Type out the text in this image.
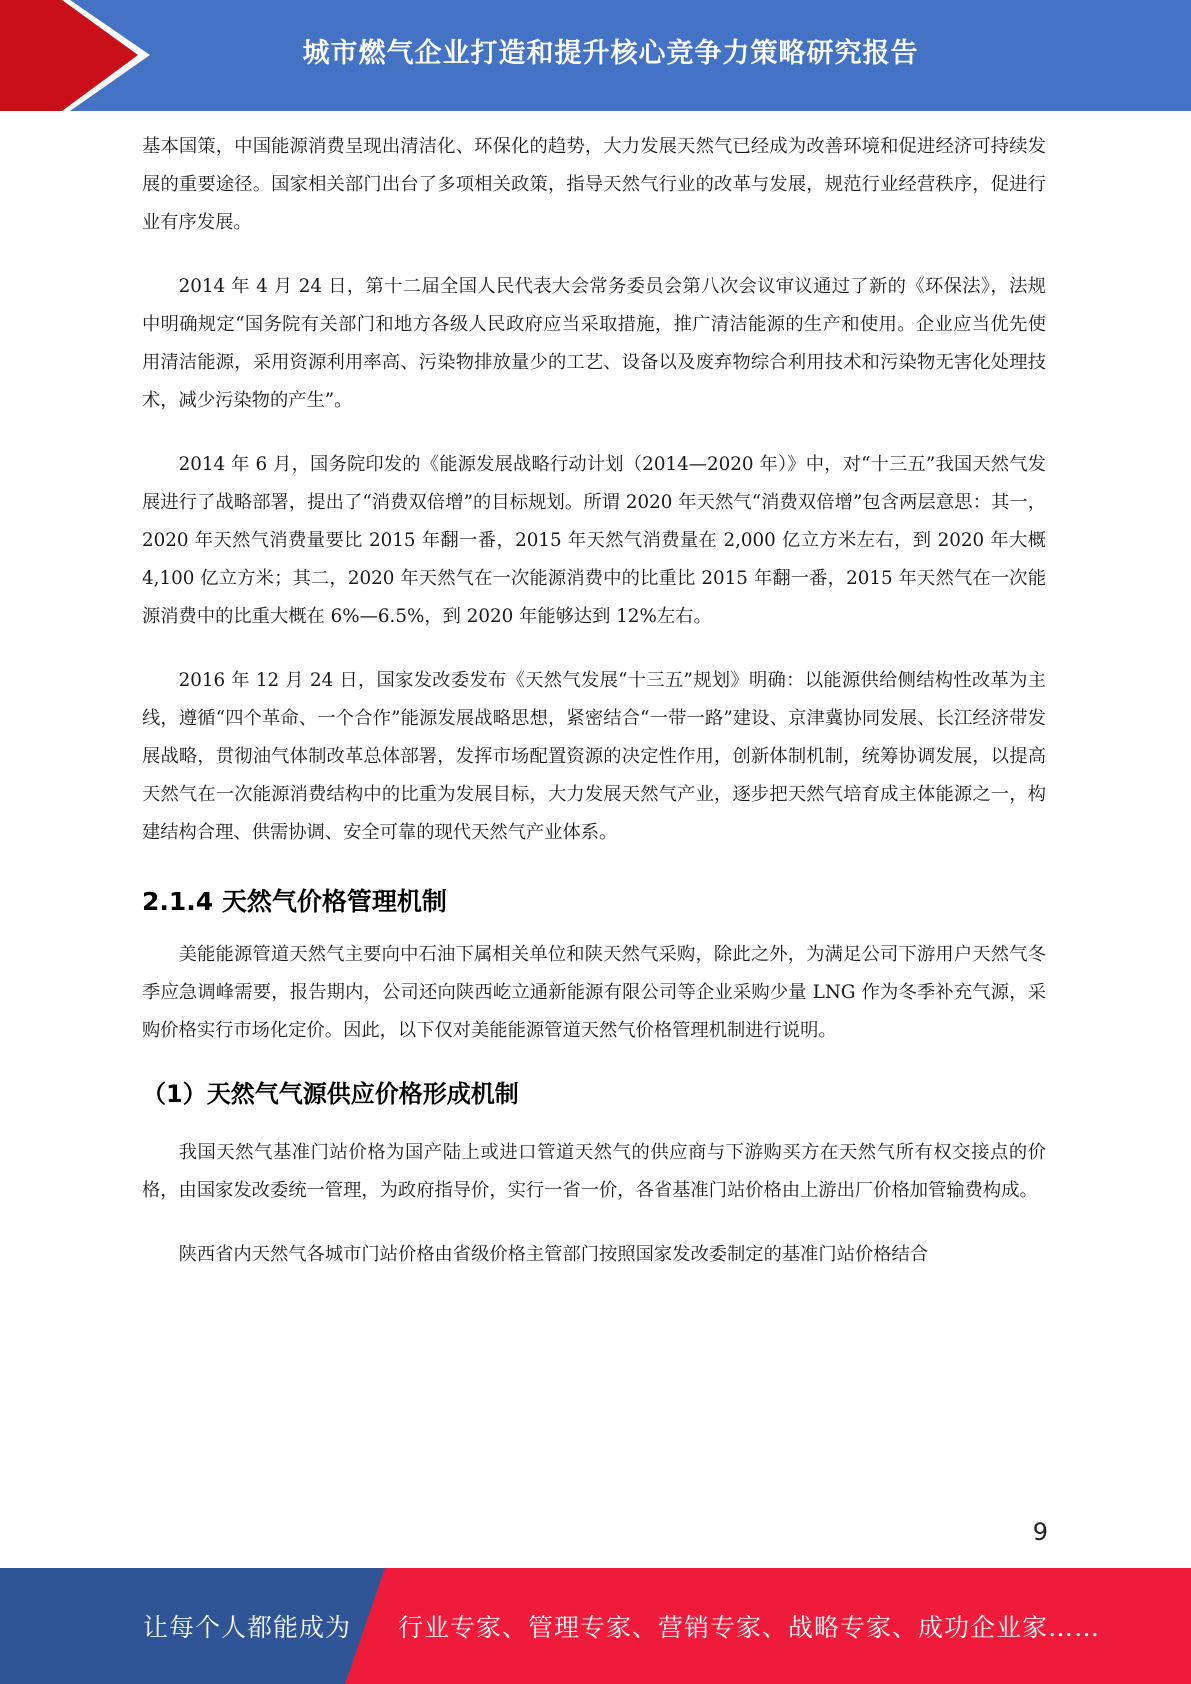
城市燃气企业打造和提升核心竞争力策略研究报告

基本国策，中国能源消费呈现出清洁化、环保化的趋势，大力发展天然气已经成为改善环境和促进经济可持续发展的重要途径。国家相关部门出台了多项相关政策，指导天然气行业的改革与发展，规范行业经营秩序，促进行业有序发展。

2014 年 4 月 24 日，第十二届全国人民代表大会常务委员会第八次会议审议通过了新的《环保法》，法规中明确规定“国务院有关部门和地方各级人民政府应当采取措施，推广清洁能源的生产和使用。企业应当优先使用清洁能源，采用资源利用率高、污染物排放量少的工艺、设备以及废弃物综合利用技术和污染物无害化处理技术，减少污染物的产生”。

2014 年 6 月，国务院印发的《能源发展战略行动计划（2014—2020 年）》中，对“十三五”我国天然气发展进行了战略部署，提出了“消费双倍增”的目标规划。所谓 2020 年天然气“消费双倍增”包含两层意思：其一，2020 年天然气消费量要比 2015 年翻一番，2015 年天然气消费量在 2,000 亿立方米左右，到 2020 年大概 4,100 亿立方米；其二，2020 年天然气在一次能源消费中的比重比 2015 年翻一番，2015 年天然气在一次能源消费中的比重大概在 6%—6.5%，到 2020 年能够达到 12%左右。

2016 年 12 月 24 日，国家发改委发布《天然气发展“十三五”规划》明确：以能源供给侧结构性改革为主线，遵循“四个革命、一个合作”能源发展战略思想，紧密结合“一带一路”建设、京津冀协同发展、长江经济带发展战略，贯彻油气体制改革总体部署，发挥市场配置资源的决定性作用，创新体制机制，统筹协调发展，以提高天然气在一次能源消费结构中的比重为发展目标，大力发展天然气产业，逐步把天然气培育成主体能源之一，构建结构合理、供需协调、安全可靠的现代天然气产业体系。

2.1.4 天然气价格管理机制

美能能源管道天然气主要向中石油下属相关单位和陕天然气采购，除此之外，为满足公司下游用户天然气冬季应急调峰需要，报告期内，公司还向陕西屹立通新能源有限公司等企业采购少量 LNG 作为冬季补充气源，采购价格实行市场化定价。因此，以下仅对美能能源管道天然气价格管理机制进行说明。

（1）天然气气源供应价格形成机制

我国天然气基准门站价格为国产陆上或进口管道天然气的供应商与下游购买方在天然气所有权交接点的价格，由国家发改委统一管理，为政府指导价，实行一省一价，各省基准门站价格由上游出厂价格加管输费构成。

陕西省内天然气各城市门站价格由省级价格主管部门按照国家发改委制定的基准门站价格结合

9
让每个人都能成为 行业专家、管理专家、营销专家、战略专家、成功企业家……
